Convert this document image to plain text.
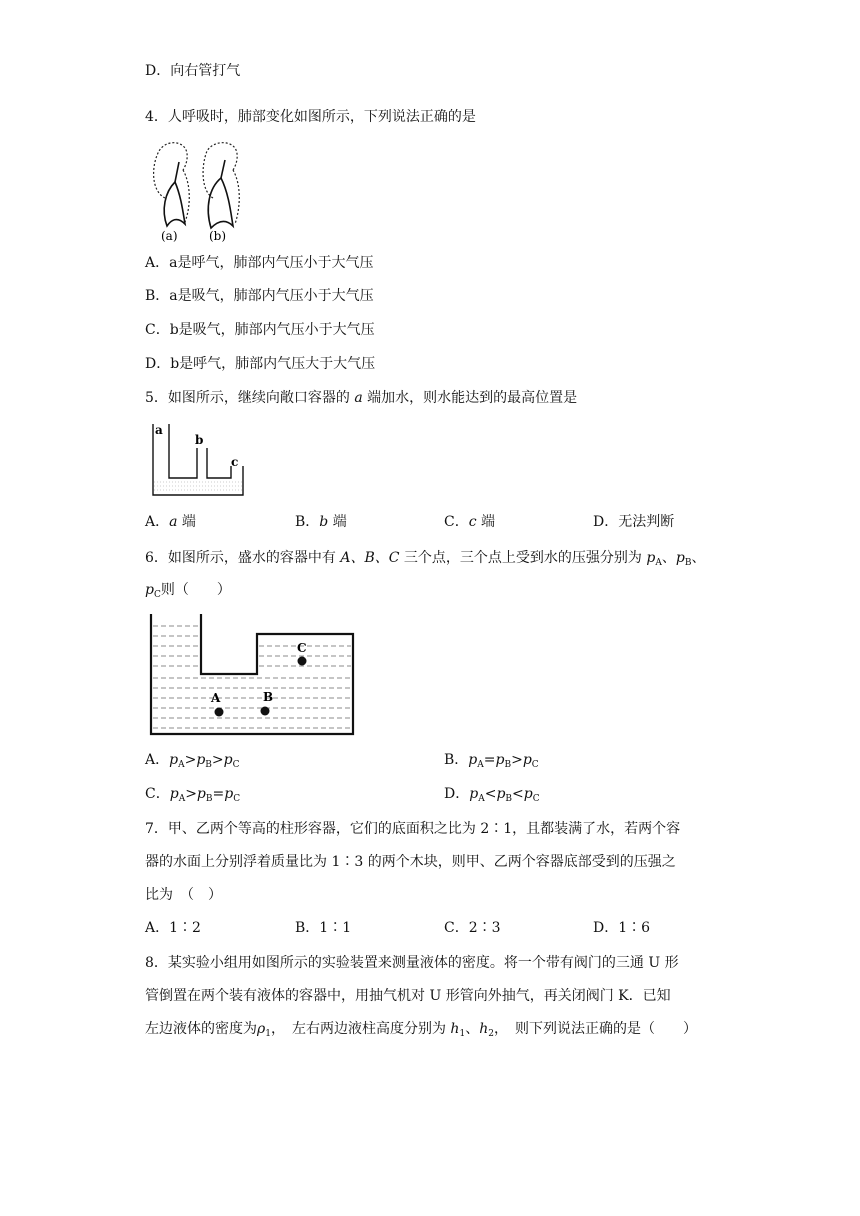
D．向右管打气
4．人呼吸时，肺部变化如图所示，下列说法正确的是
(a)	(b)
A．a是呼气，肺部内气压小于大气压
B．a是吸气，肺部内气压小于大气压
C．b是吸气，肺部内气压小于大气压
D．b是呼气，肺部内气压大于大气压
5．如图所示，继续向敞口容器的 a 端加水，则水能达到的最高位置是
a
b
c
A．a 端	B．b 端	C．c 端	D．无法判断
6．如图所示，盛水的容器中有 A、B、C 三个点，三个点上受到水的压强分别为 $p_A$、$p_B$、
$p_C$则（　　）
A	B
C
A．$p_A>p_B>p_C$	B．$p_A=p_B>p_C$
C．$p_A>p_B=p_C$	D．$p_A<p_B<p_C$
7．甲、乙两个等高的柱形容器，它们的底面积之比为 2∶1，且都装满了水，若两个容
器的水面上分别浮着质量比为 1∶3 的两个木块，则甲、乙两个容器底部受到的压强之
比为　（　）
A．1∶2	B．1∶1	C．2∶3	D．1∶6
8．某实验小组用如图所示的实验装置来测量液体的密度。将一个带有阀门的三通 U 形
管倒置在两个装有液体的容器中，用抽气机对 U 形管向外抽气，再关闭阀门 K．已知
左边液体的密度为$\rho_1$，　左右两边液柱高度分别为 $h_1$、$h_2$，　则下列说法正确的是（　　）
